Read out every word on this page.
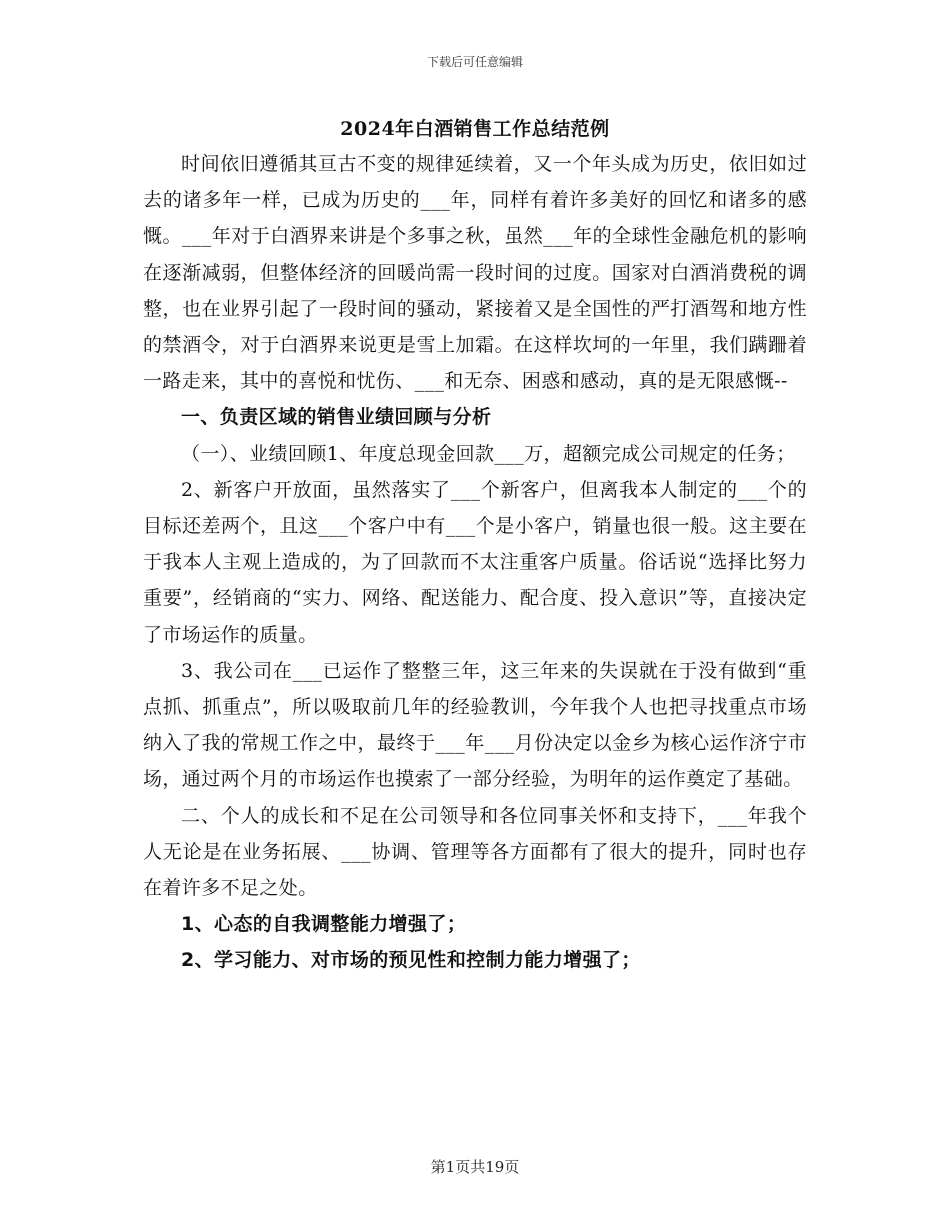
下载后可任意编辑
2024年白酒销售工作总结范例

时间依旧遵循其亘古不变的规律延续着，又一个年头成为历史，依旧如过去的诸多年一样，已成为历史的___年，同样有着许多美好的回忆和诸多的感慨。___年对于白酒界来讲是个多事之秋，虽然___年的全球性金融危机的影响在逐渐减弱，但整体经济的回暖尚需一段时间的过度。国家对白酒消费税的调整，也在业界引起了一段时间的骚动，紧接着又是全国性的严打酒驾和地方性的禁酒令，对于白酒界来说更是雪上加霜。在这样坎坷的一年里，我们蹒跚着一路走来，其中的喜悦和忧伤、___和无奈、困惑和感动，真的是无限感慨--

一、负责区域的销售业绩回顾与分析

（一）、业绩回顾1、年度总现金回款___万，超额完成公司规定的任务；

2、新客户开放面，虽然落实了___个新客户，但离我本人制定的___个的目标还差两个，且这___个客户中有___个是小客户，销量也很一般。这主要在于我本人主观上造成的，为了回款而不太注重客户质量。俗话说“选择比努力重要”，经销商的“实力、网络、配送能力、配合度、投入意识”等，直接决定了市场运作的质量。

3、我公司在___已运作了整整三年，这三年来的失误就在于没有做到“重点抓、抓重点”，所以吸取前几年的经验教训，今年我个人也把寻找重点市场纳入了我的常规工作之中，最终于___年___月份决定以金乡为核心运作济宁市场，通过两个月的市场运作也摸索了一部分经验，为明年的运作奠定了基础。

二、个人的成长和不足在公司领导和各位同事关怀和支持下，___年我个人无论是在业务拓展、___协调、管理等各方面都有了很大的提升，同时也存在着许多不足之处。

1、心态的自我调整能力增强了；

2、学习能力、对市场的预见性和控制力能力增强了；

第1页共19页
